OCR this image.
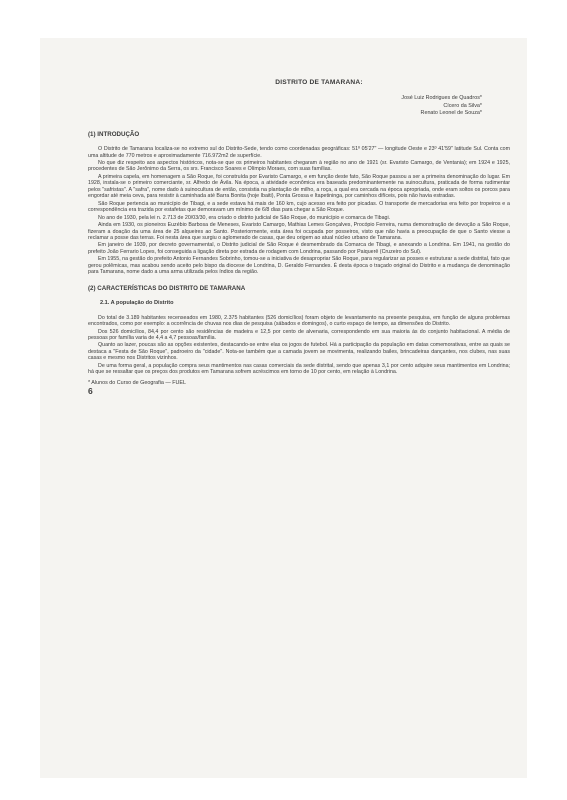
DISTRITO DE TAMARANA:
José Luiz Rodrigues de Quadros*
Cícero da Silva*
Renato Leonel de Souza*
(1) INTRODUÇÃO
O Distrito de Tamarana localiza-se no extremo sul do Distrito-Sede, tendo como coordenadas geográficas: 51º 05'27" — longitude Oeste e 23º 41'59" latitude Sul. Conta com uma altitude de 770 metros e aproximadamente 716.972m2 de superfície.
No que diz respeito aos aspectos históricos, nota-se que os primeiros habitantes chegaram à região no ano de 1921 (sr. Evaristo Camargo, de Ventania); em 1924 e 1925, procedentes de São Jerônimo da Serra, os srs. Francisco Soares e Olímpio Moraes, com suas famílias.
A primeira capela, em homenagem a São Roque, foi construída por Evaristo Camargo, e em função deste fato, São Roque passou a ser a primeira denominação do lugar. Em 1928, instala-se o primeiro comerciante, sr. Alfredo de Ávila. Na época, a atividade econômica era baseada predominantemente na suinocultura, praticada de forma rudimentar pelos "safristas". A "safra", nome dado à suinocultura de então, consistia na plantação de milho, a roça, a qual era cercada na época apropriada, onde eram soltos os porcos para engordar até meia ceva, para resistir à caminhada até Barra Bonita (hoje Ibaiti), Ponta Grossa e Itapetininga, por caminhos difíceis, pois não havia estradas.
São Roque pertencia ao município de Tibagi, e a sede estava há mais de 160 km, cujo acesso era feito por picadas. O transporte de mercadorias era feito por tropeiros e a correspondência era trazida por estafetas que demoravam um mínimo de 6/8 dias para chegar a São Roque.
No ano de 1930, pela lei n. 2.713 de 20/03/30, era criado o distrito judicial de São Roque, do município e comarca de Tibagi.
Ainda em 1930, os pioneiros Euzébio Barbosa de Meneses, Evaristo Camargo, Mathias Lemes Gonçalves, Procópio Ferreira, numa demonstração de devoção a São Roque, fizeram a doação da uma área de 25 alqueires ao Santo. Posteriormente, esta área foi ocupada por posseiros, visto que não havia a preocupação de que o Santo viesse a reclamar a posse das terras. Foi nesta área que surgiu o aglomerado de casas, que deu origem ao atual núcleo urbano de Tamarana.
Em janeiro de 1939, por decreto governamental, o Distrito judicial de São Roque é desmembrado da Comarca de Tibagi, e anexando a Londrina. Em 1941, na gestão do prefeito João Ferrario Lopes, foi conseguida a ligação direta por estrada de rodagem com Londrina, passando por Paiquerê (Cruzeiro do Sul).
Em 1955, na gestão do prefeito Antonio Fernandes Sobrinho, tomou-se a iniciativa de desapropriar São Roque, para regularizar as posses e estruturar a sede distrital, fato que gerou polêmicas, mas acabou sendo aceito pelo bispo da diocese de Londrina, D. Geraldo Fernandes. É desta época o traçado original do Distrito e a mudança de denominação para Tamarana, nome dado a uma arma utilizada pelos índios da região.
(2) CARACTERÍSTICAS DO DISTRITO DE TAMARANA
2.1. A população do Distrito
Do total de 3.189 habitantes recenseados em 1980, 2.375 habitantes (526 domicílios) foram objeto de levantamento na presente pesquisa, em função de alguns problemas encontrados, como por exemplo: a ocorrência de chuvas nos dias de pesquisa (sábados e domingos), o curto espaço de tempo, as dimensões do Distrito.
Dos 526 domicílios, 84,4 por cento são residências de madeira e 12,5 por cento de alvenaria, correspondendo em sua maioria ás do conjunto habitacional. A média de pessoas por família varia de 4,4 a 4,7 pessoas/família.
Quanto ao lazer, poucas são as opções existentes, destacando-se entre elas os jogos de futebol. Há a participação da população em datas comemorativas, entre as quais se destaca a "Festa de São Roque", padroeiro da "cidade". Nota-se também que a camada jovem se movimenta, realizando bailes, brincadeiras dançantes, nos clubes, nas suas casas e mesmo nos Distritos vizinhos.
De uma forma geral, a população compra seus mantimentos nas casas comerciais da sede distrital, sendo que apenas 3,1 por cento adquire seus mantimentos em Londrina; há que se ressaltar que os preços dos produtos em Tamarana sofrem acréscimos em torno de 10 por cento, em relação à Londrina.
* Alunos do Curso de Geografia — FUEL
6
